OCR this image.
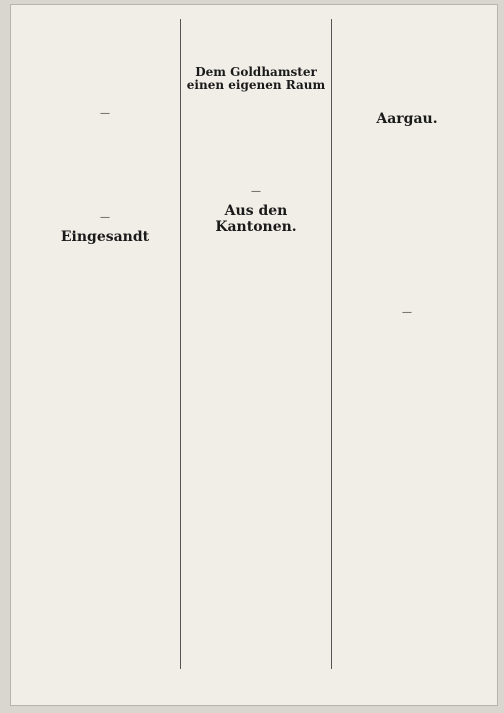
—
—
Eingesandt
Dem Goldhamster einen eigenen Raum
—
Aus den Kantonen.
Aargau.
—
